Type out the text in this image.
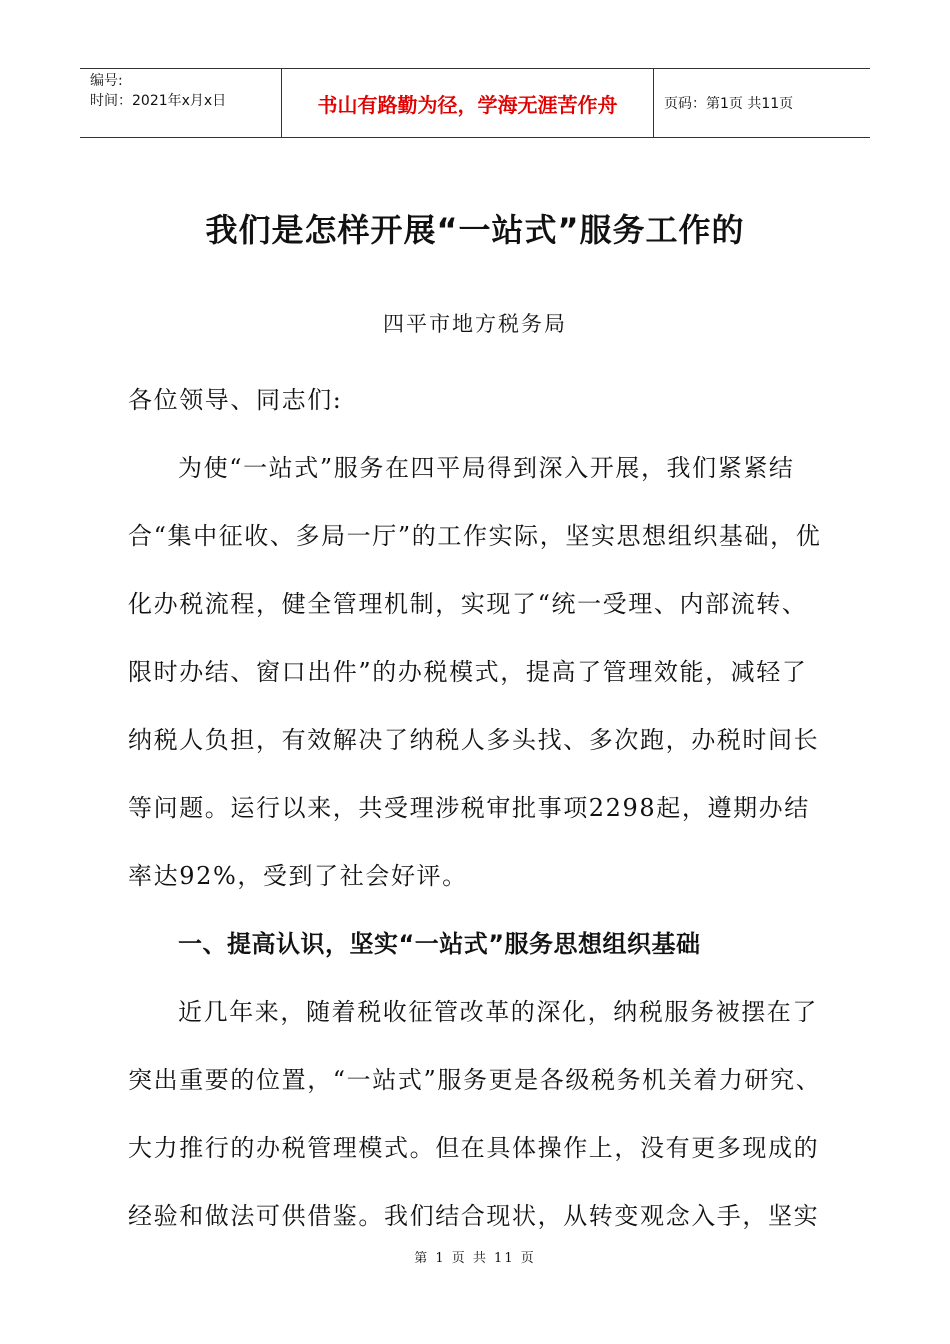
编号:
时间：2021年x月x日	书山有路勤为径，学海无涯苦作舟	页码：第1页 共11页
我们是怎样开展“一站式”服务工作的
四平市地方税务局

各位领导、同志们:

为使“一站式”服务在四平局得到深入开展，我们紧紧结合“集中征收、多局一厅”的工作实际，坚实思想组织基础，优化办税流程，健全管理机制，实现了“统一受理、内部流转、限时办结、窗口出件”的办税模式，提高了管理效能，减轻了纳税人负担，有效解决了纳税人多头找、多次跑，办税时间长等问题。运行以来，共受理涉税审批事项2298起，遵期办结率达92%，受到了社会好评。

一、提高认识，坚实“一站式”服务思想组织基础

近几年来，随着税收征管改革的深化，纳税服务被摆在了突出重要的位置，“一站式”服务更是各级税务机关着力研究、大力推行的办税管理模式。但在具体操作上，没有更多现成的经验和做法可供借鉴。我们结合现状，从转变观念入手，坚实

第 1 页 共 11 页
